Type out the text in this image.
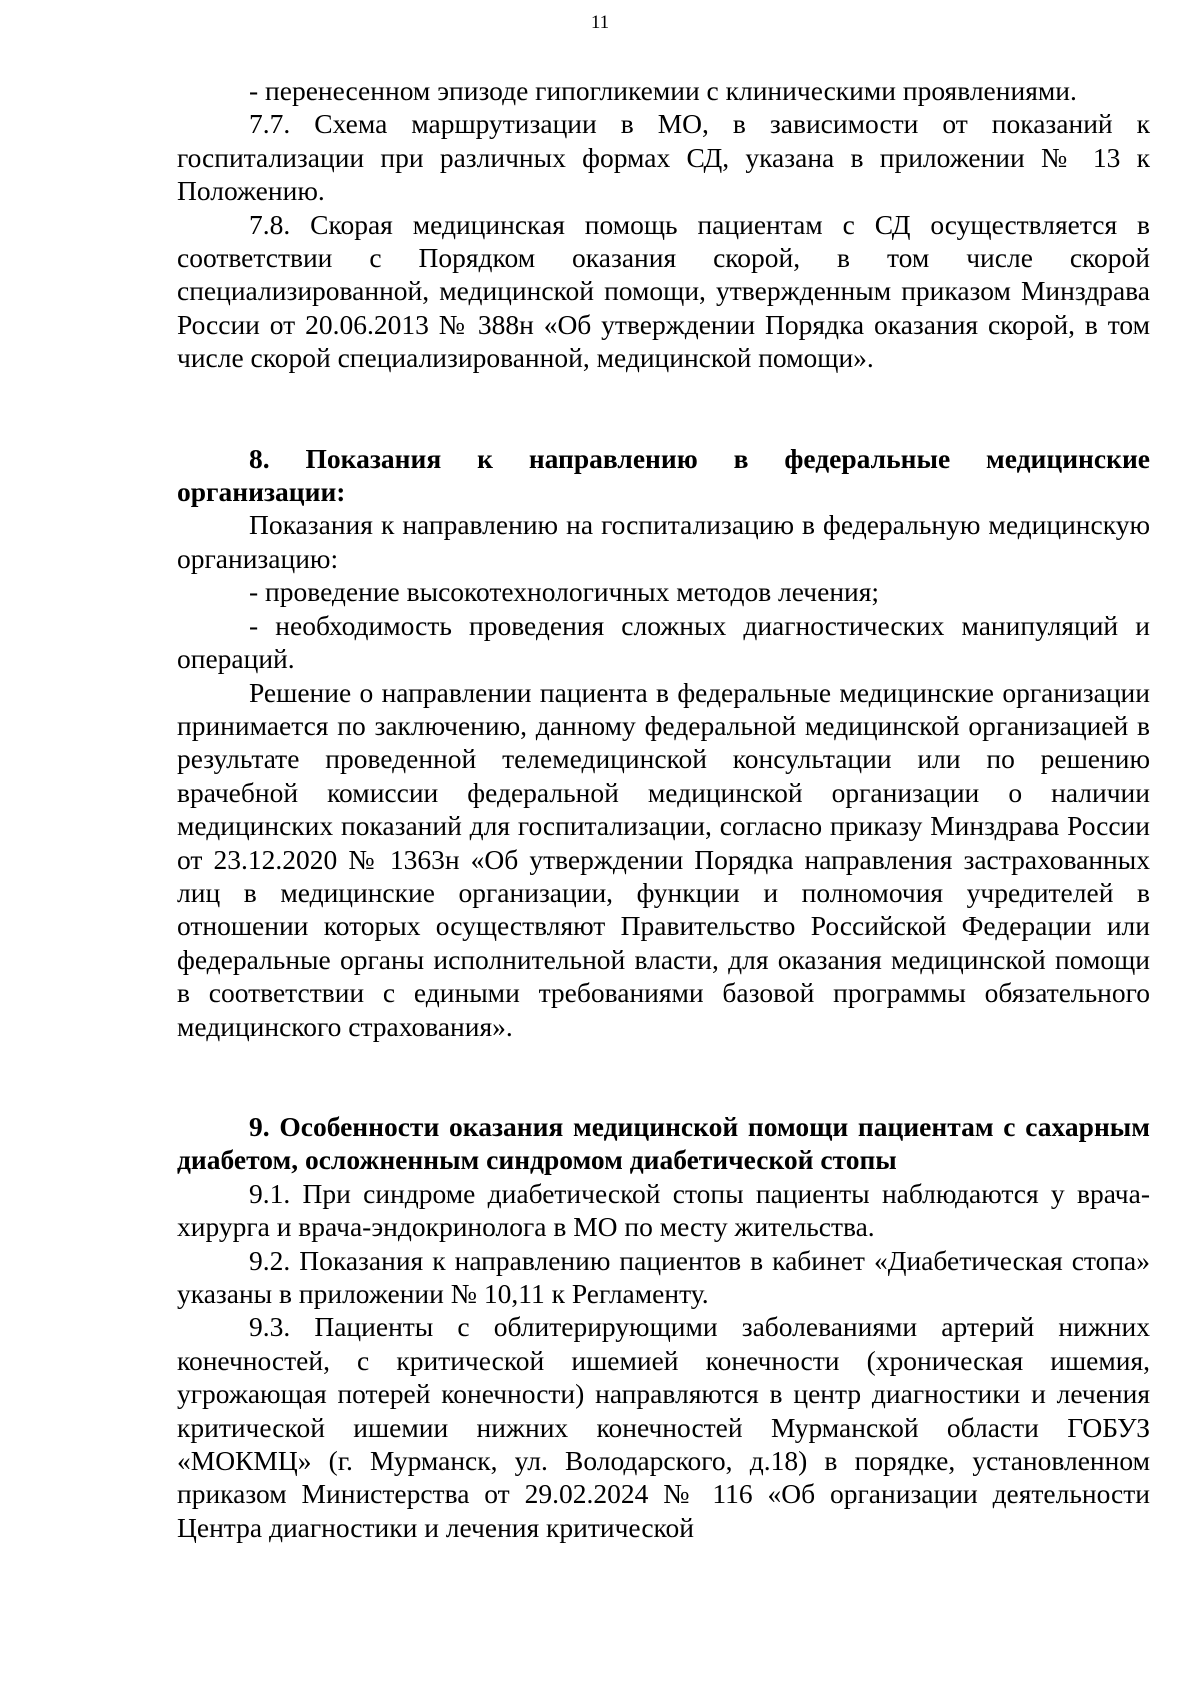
11

- перенесенном эпизоде гипогликемии с клиническими проявлениями.

7.7. Схема маршрутизации в МО, в зависимости от показаний к госпитализации при различных формах СД, указана в приложении № 13 к Положению.

7.8. Скорая медицинская помощь пациентам с СД осуществляется в соответствии с Порядком оказания скорой, в том числе скорой специализированной, медицинской помощи, утвержденным приказом Минздрава России от 20.06.2013 № 388н «Об утверждении Порядка оказания скорой, в том числе скорой специализированной, медицинской помощи».

8. Показания к направлению в федеральные медицинские организации:

Показания к направлению на госпитализацию в федеральную медицинскую организацию:

- проведение высокотехнологичных методов лечения;

- необходимость проведения сложных диагностических манипуляций и операций.

Решение о направлении пациента в федеральные медицинские организации принимается по заключению, данному федеральной медицинской организацией в результате проведенной телемедицинской консультации или по решению врачебной комиссии федеральной медицинской организации о наличии медицинских показаний для госпитализации, согласно приказу Минздрава России от 23.12.2020 № 1363н «Об утверждении Порядка направления застрахованных лиц в медицинские организации, функции и полномочия учредителей в отношении которых осуществляют Правительство Российской Федерации или федеральные органы исполнительной власти, для оказания медицинской помощи в соответствии с едиными требованиями базовой программы обязательного медицинского страхования».

9. Особенности оказания медицинской помощи пациентам с сахарным диабетом, осложненным синдромом диабетической стопы

9.1. При синдроме диабетической стопы пациенты наблюдаются у врача-хирурга и врача-эндокринолога в МО по месту жительства.

9.2. Показания к направлению пациентов в кабинет «Диабетическая стопа» указаны в приложении № 10,11 к Регламенту.

9.3. Пациенты с облитерирующими заболеваниями артерий нижних конечностей, с критической ишемией конечности (хроническая ишемия, угрожающая потерей конечности) направляются в центр диагностики и лечения критической ишемии нижних конечностей Мурманской области ГОБУЗ «МОКМЦ» (г. Мурманск, ул. Володарского, д.18) в порядке, установленном приказом Министерства от 29.02.2024 № 116 «Об организации деятельности Центра диагностики и лечения критической
